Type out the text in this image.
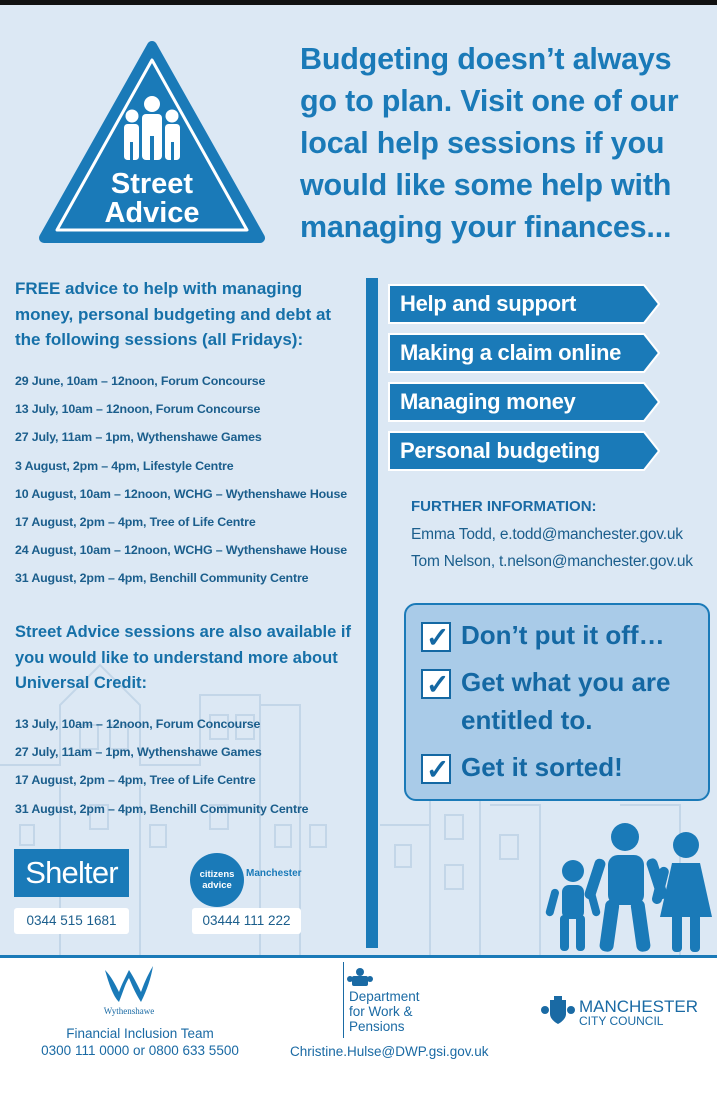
Street
Advice
Budgeting doesn’t always go to plan. Visit one of our local help sessions if you would like some help with managing your finances...
FREE advice to help with managing money, personal budgeting and debt at the following sessions (all Fridays):
29 June, 10am – 12noon, Forum Concourse
13 July, 10am – 12noon, Forum Concourse
27 July, 11am – 1pm, Wythenshawe Games
3 August, 2pm – 4pm, Lifestyle Centre
10 August, 10am – 12noon, WCHG – Wythenshawe House
17 August, 2pm – 4pm, Tree of Life Centre
24 August, 10am – 12noon, WCHG – Wythenshawe House
31 August, 2pm – 4pm, Benchill Community Centre
Street Advice sessions are also available if you would like to understand more about Universal Credit:
13 July, 10am – 12noon, Forum Concourse
27 July, 11am – 1pm, Wythenshawe Games
17 August, 2pm – 4pm, Tree of Life Centre
31 August, 2pm – 4pm, Benchill Community Centre
Help and support
Making a claim online
Managing money
Personal budgeting
FURTHER INFORMATION:
Emma Todd, e.todd@manchester.gov.uk
Tom Nelson, t.nelson@manchester.gov.uk
✓ Don’t put it off…
✓ Get what you are
entitled to.
✓ Get it sorted!
Shelter
0344 515 1681
citizens
advice
Manchester
03444 111 222
Wythenshawe
Financial Inclusion Team
0300 111 0000 or 0800 633 5500
Department
for Work &
Pensions
Christine.Hulse@DWP.gsi.gov.uk
MANCHESTER
CITY COUNCIL
